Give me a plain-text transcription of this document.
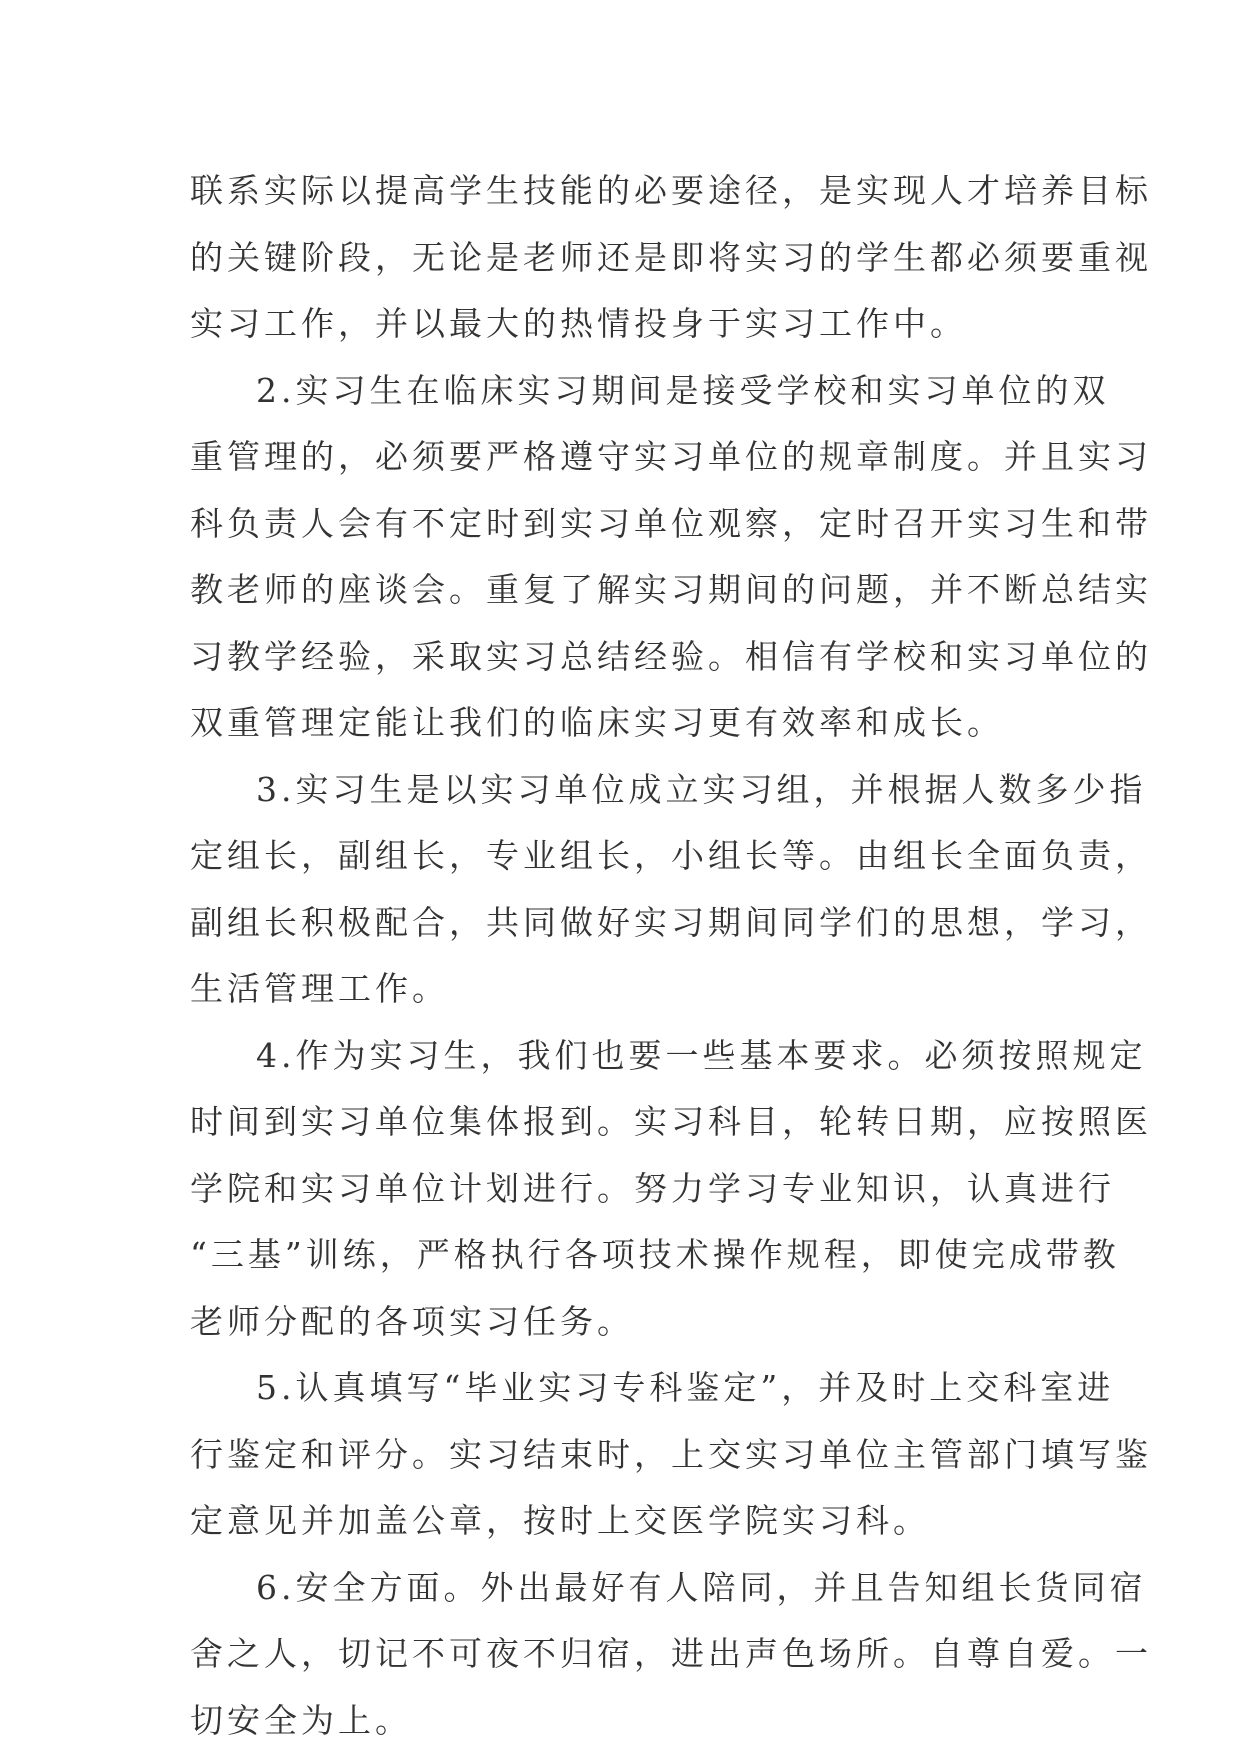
联系实际以提高学生技能的必要途径，是实现人才培养目标
的关键阶段，无论是老师还是即将实习的学生都必须要重视
实习工作，并以最大的热情投身于实习工作中。
2.实习生在临床实习期间是接受学校和实习单位的双
重管理的，必须要严格遵守实习单位的规章制度。并且实习
科负责人会有不定时到实习单位观察，定时召开实习生和带
教老师的座谈会。重复了解实习期间的问题，并不断总结实
习教学经验，采取实习总结经验。相信有学校和实习单位的
双重管理定能让我们的临床实习更有效率和成长。
3.实习生是以实习单位成立实习组，并根据人数多少指
定组长，副组长，专业组长，小组长等。由组长全面负责，
副组长积极配合，共同做好实习期间同学们的思想，学习，
生活管理工作。
4.作为实习生，我们也要一些基本要求。必须按照规定
时间到实习单位集体报到。实习科目，轮转日期，应按照医
学院和实习单位计划进行。努力学习专业知识，认真进行
“三基”训练，严格执行各项技术操作规程，即使完成带教
老师分配的各项实习任务。
5.认真填写“毕业实习专科鉴定”，并及时上交科室进
行鉴定和评分。实习结束时，上交实习单位主管部门填写鉴
定意见并加盖公章，按时上交医学院实习科。
6.安全方面。外出最好有人陪同，并且告知组长货同宿
舍之人，切记不可夜不归宿，进出声色场所。自尊自爱。一
切安全为上。
